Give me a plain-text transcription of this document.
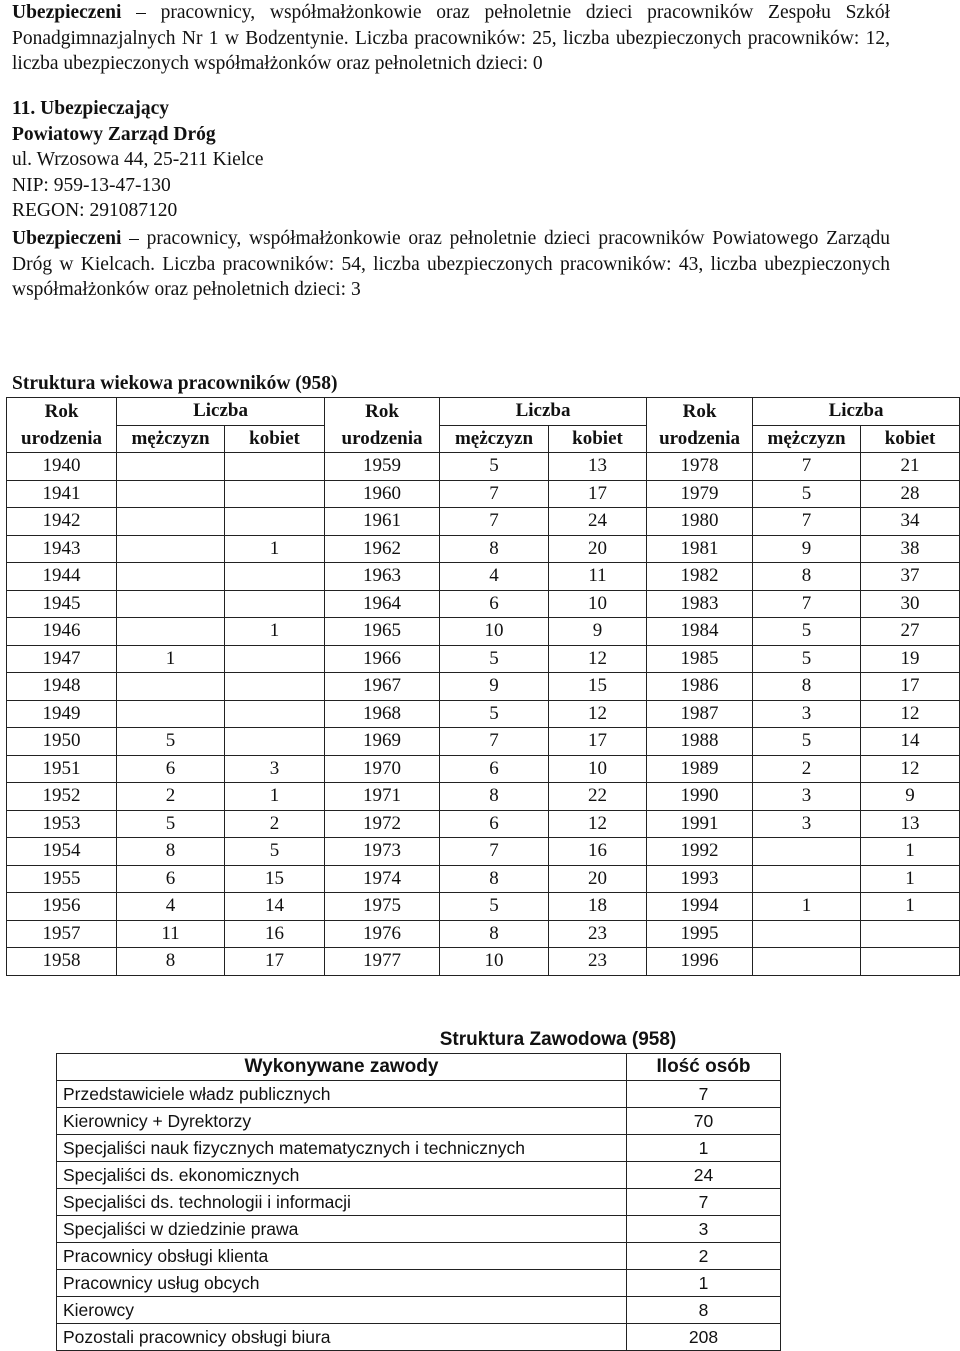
Ubezpieczeni – pracownicy, współmałżonkowie oraz pełnoletnie dzieci pracowników Zespołu Szkół Ponadgimnazjalnych Nr 1 w Bodzentynie. Liczba pracowników: 25, liczba ubezpieczonych pracowników: 12, liczba ubezpieczonych współmałżonków oraz pełnoletnich dzieci: 0

11. Ubezpieczający
Powiatowy Zarząd Dróg
ul. Wrzosowa 44, 25-211 Kielce
NIP: 959-13-47-130
REGON: 291087120

Ubezpieczeni – pracownicy, współmałżonkowie oraz pełnoletnie dzieci pracowników Powiatowego Zarządu Dróg w Kielcach. Liczba pracowników: 54, liczba ubezpieczonych pracowników: 43, liczba ubezpieczonych współmałżonków oraz pełnoletnich dzieci: 3

Struktura wiekowa pracowników (958)
Rok	Liczba		Rok	Liczba		Rok	Liczba	
urodzenia	mężczyzn	kobiet	urodzenia	mężczyzn	kobiet	urodzenia	mężczyzn	kobiet
1940			1959	5	13	1978	7	21
1941			1960	7	17	1979	5	28
1942			1961	7	24	1980	7	34
1943		1	1962	8	20	1981	9	38
1944			1963	4	11	1982	8	37
1945			1964	6	10	1983	7	30
1946		1	1965	10	9	1984	5	27
1947	1		1966	5	12	1985	5	19
1948			1967	9	15	1986	8	17
1949			1968	5	12	1987	3	12
1950	5		1969	7	17	1988	5	14
1951	6	3	1970	6	10	1989	2	12
1952	2	1	1971	8	22	1990	3	9
1953	5	2	1972	6	12	1991	3	13
1954	8	5	1973	7	16	1992		1
1955	6	15	1974	8	20	1993		1
1956	4	14	1975	5	18	1994	1	1
1957	11	16	1976	8	23	1995		
1958	8	17	1977	10	23	1996		
Struktura Zawodowa (958)
Wykonywane zawody	Ilość osób
Przedstawiciele władz publicznych	7
Kierownicy + Dyrektorzy	70
Specjaliści nauk fizycznych matematycznych i technicznych	1
Specjaliści ds. ekonomicznych	24
Specjaliści ds. technologii i informacji	7
Specjaliści w dziedzinie prawa	3
Pracownicy obsługi klienta	2
Pracownicy usług obcych	1
Kierowcy	8
Pozostali pracownicy obsługi biura	208
